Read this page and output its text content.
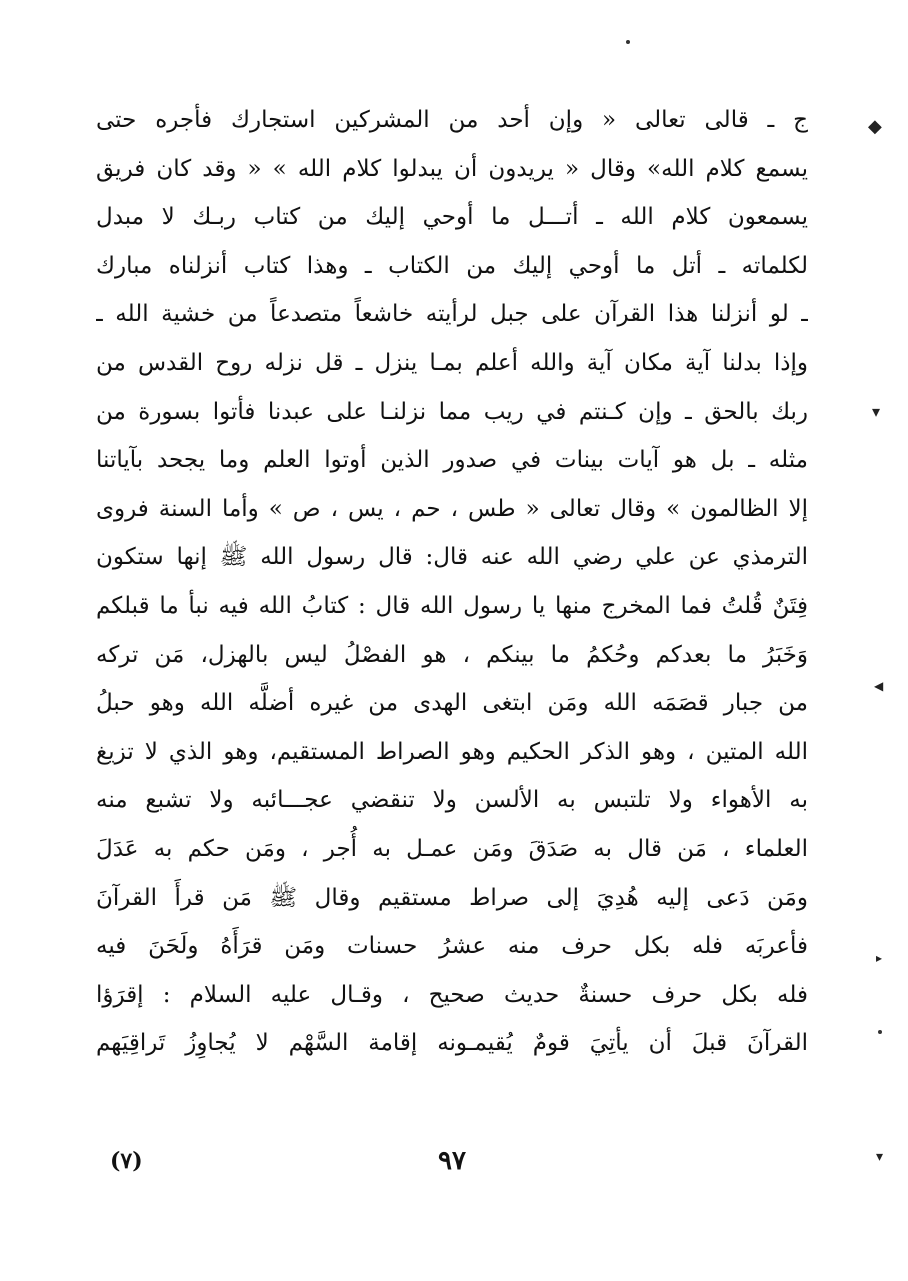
◆
▾
◀
▸
▾
ج ـ قالى تعالى « وإن أحد من المشركين استجارك فأجره حتى
يسمع كلام الله» وقال « يريدون أن يبدلوا كلام الله » « وقد كان فريق
يسمعون كلام الله ـ أتـــل ما أوحي إليك من كتاب ربـك لا مبدل
لكلماته ـ أتل ما أوحي إليك من الكتاب ـ وهذا كتاب أنزلناه مبارك
ـ لو أنزلنا هذا القرآن على جبل لرأيته خاشعاً متصدعاً من خشية الله ـ
وإذا بدلنا آية مكان آية والله أعلم بمـا ينزل ـ قل نزله روح القدس من
ربك بالحق ـ وإن كـنتم في ريب مما نزلنـا على عبدنا فأتوا بسورة من
مثله ـ بل هو آيات بينات في صدور الذين أوتوا العلم وما يجحد بآياتنا
إلا الظالمون » وقال تعالى « طس ، حم ، يس ، ص » وأما السنة فروى
الترمذي عن علي رضي الله عنه قال: قال رسول الله ﷺ إنها ستكون
فِتَنٌ قُلتُ فما المخرج منها يا رسول الله قال : كتابُ الله فيه نبأ ما قبلكم
وَخَبَرُ ما بعدكم وحُكمُ ما بينكم ، هو الفصْلُ ليس بالهزل، مَن تركه
من جبار قصَمَه الله ومَن ابتغى الهدى من غيره أضلَّه الله وهو حبلُ
الله المتين ، وهو الذكر الحكيم وهو الصراط المستقيم، وهو الذي لا تزيغ
به الأهواء ولا تلتبس به الألسن ولا تنقضي عجـــائبه ولا تشبع منه
العلماء ، مَن قال به صَدَقَ ومَن عمـل به أُجر ، ومَن حكم به عَدَلَ
ومَن دَعى إليه هُدِيَ إلى صراط مستقيم وقال ﷺ مَن قرأَ القرآنَ
فأعربَه فله بكل حرف منه عشرُ حسنات ومَن قرَأَهُ ولَحَنَ فيه
فله بكل حرف حسنةٌ حديث صحيح ، وقـال عليه السلام : إقرَؤا
القرآنَ قبلَ أن يأتِيَ قومٌ يُقيمـونه إقامة السَّهْم لا يُجاوِزُ تَراقِيَهم
٩٧
(٧)
